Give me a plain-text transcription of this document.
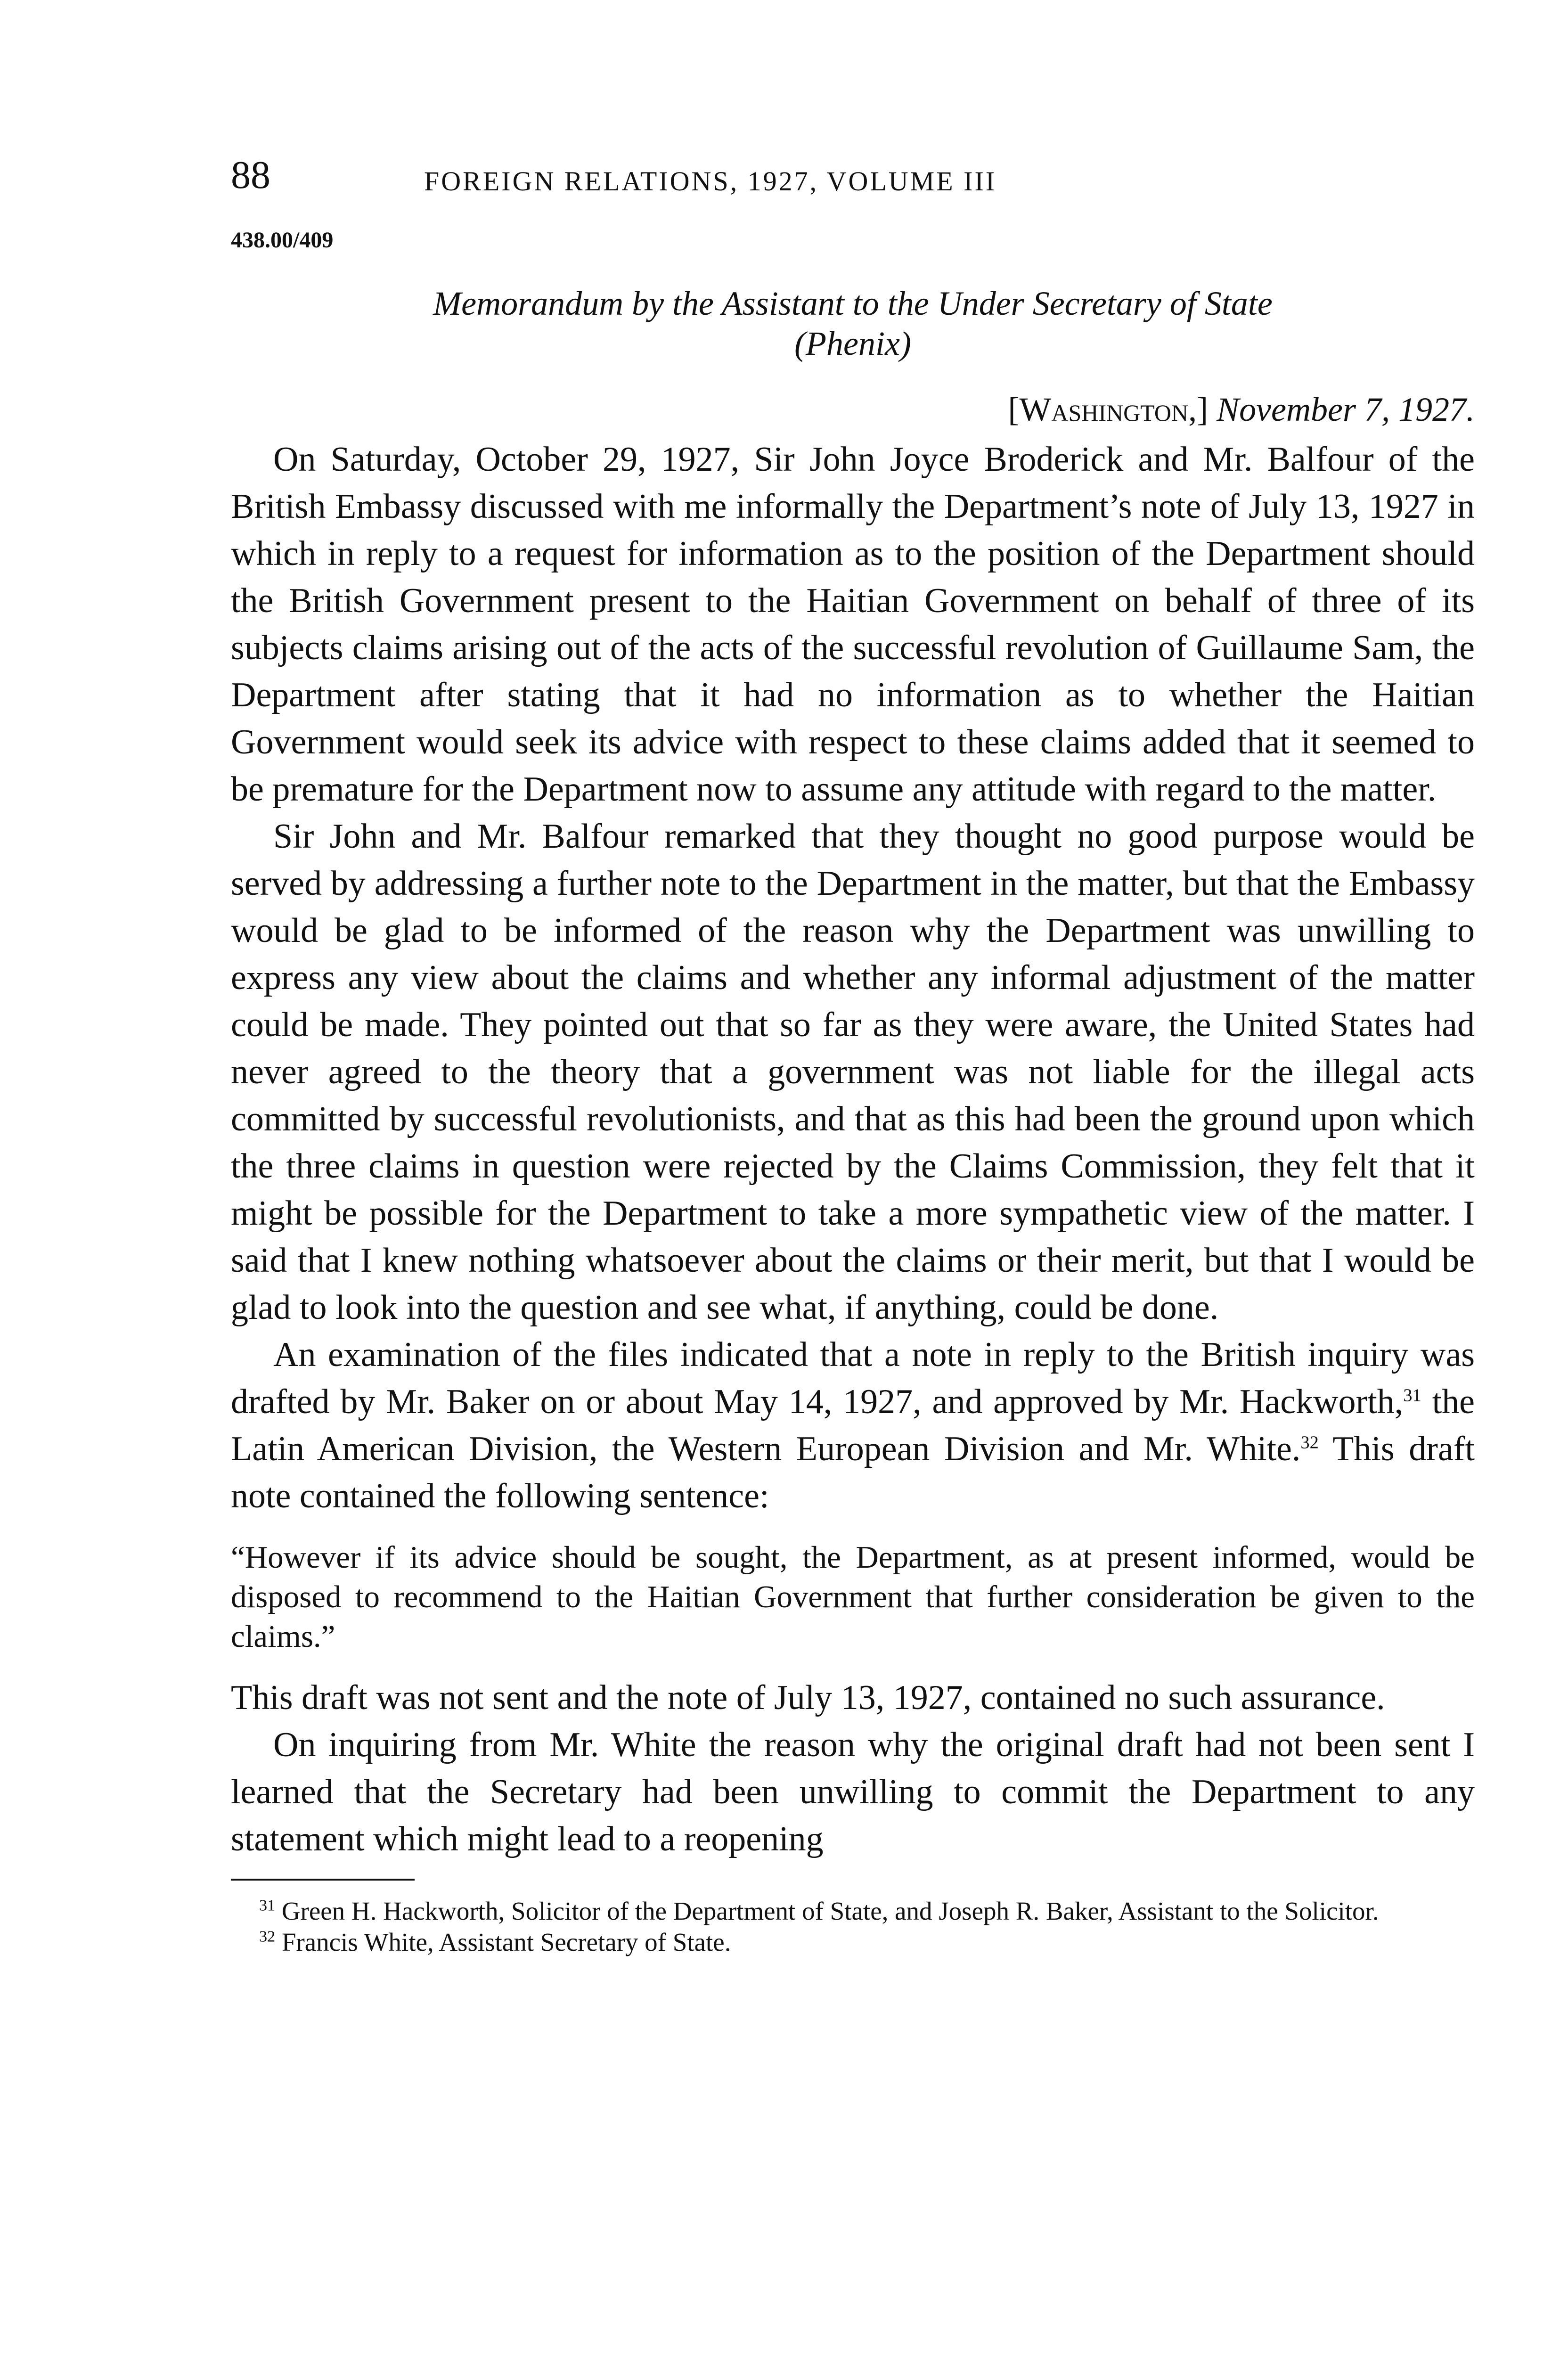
88	FOREIGN RELATIONS, 1927, VOLUME III
438.00/409
Memorandum by the Assistant to the Under Secretary of State
(Phenix)
[Washington,] November 7, 1927.

On Saturday, October 29, 1927, Sir John Joyce Broderick and Mr. Balfour of the British Embassy discussed with me informally the Department’s note of July 13, 1927 in which in reply to a request for information as to the position of the Department should the British Government present to the Haitian Government on behalf of three of its subjects claims arising out of the acts of the successful revolution of Guillaume Sam, the Department after stating that it had no information as to whether the Haitian Government would seek its advice with respect to these claims added that it seemed to be premature for the Department now to assume any attitude with regard to the matter.

Sir John and Mr. Balfour remarked that they thought no good purpose would be served by addressing a further note to the Department in the matter, but that the Embassy would be glad to be informed of the reason why the Department was unwilling to express any view about the claims and whether any informal adjustment of the matter could be made. They pointed out that so far as they were aware, the United States had never agreed to the theory that a government was not liable for the illegal acts committed by successful revolutionists, and that as this had been the ground upon which the three claims in question were rejected by the Claims Commission, they felt that it might be possible for the Department to take a more sympathetic view of the matter. I said that I knew nothing whatsoever about the claims or their merit, but that I would be glad to look into the question and see what, if anything, could be done.

An examination of the files indicated that a note in reply to the British inquiry was drafted by Mr. Baker on or about May 14, 1927, and approved by Mr. Hackworth,$^{31}$ the Latin American Division, the Western European Division and Mr. White.$^{32}$ This draft note contained the following sentence:

“However if its advice should be sought, the Department, as at present informed, would be disposed to recommend to the Haitian Government that further consideration be given to the claims.”

This draft was not sent and the note of July 13, 1927, contained no such assurance.

On inquiring from Mr. White the reason why the original draft had not been sent I learned that the Secretary had been unwilling to commit the Department to any statement which might lead to a reopening

$^{31}$ Green H. Hackworth, Solicitor of the Department of State, and Joseph R. Baker, Assistant to the Solicitor.

$^{32}$ Francis White, Assistant Secretary of State.
